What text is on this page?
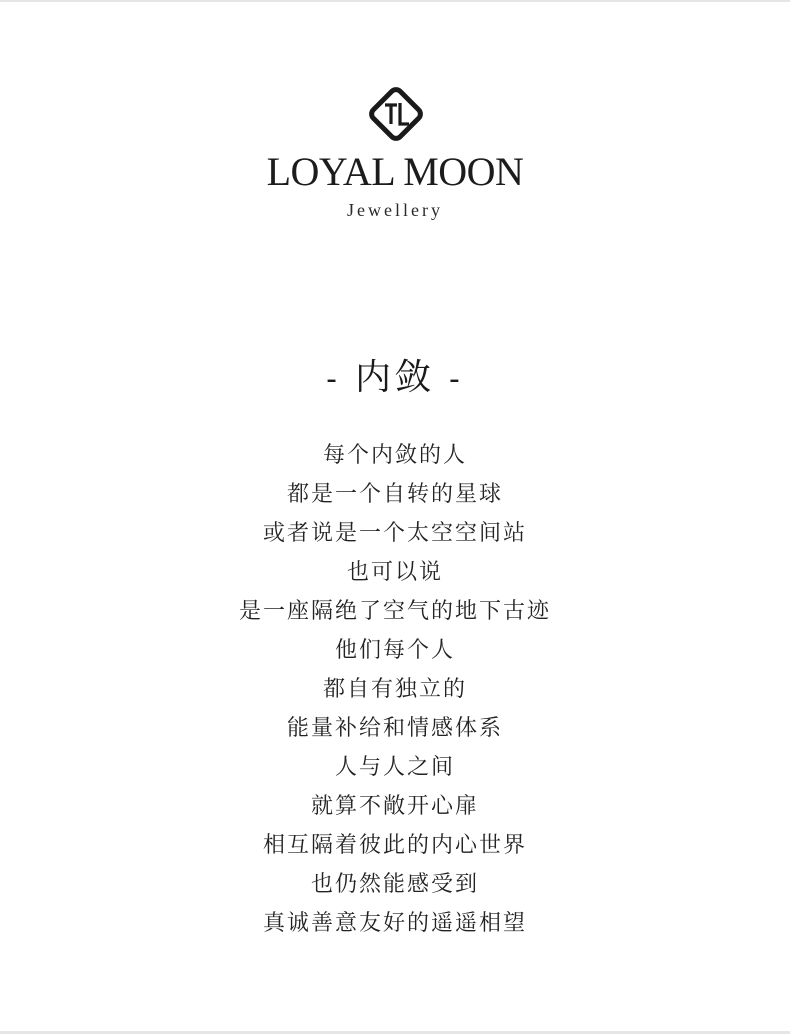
LOYAL MOON
Jewellery
- 内敛 -
每个内敛的人
都是一个自转的星球
或者说是一个太空空间站
也可以说
是一座隔绝了空气的地下古迹
他们每个人
都自有独立的
能量补给和情感体系
人与人之间
就算不敞开心扉
相互隔着彼此的内心世界
也仍然能感受到
真诚善意友好的遥遥相望
